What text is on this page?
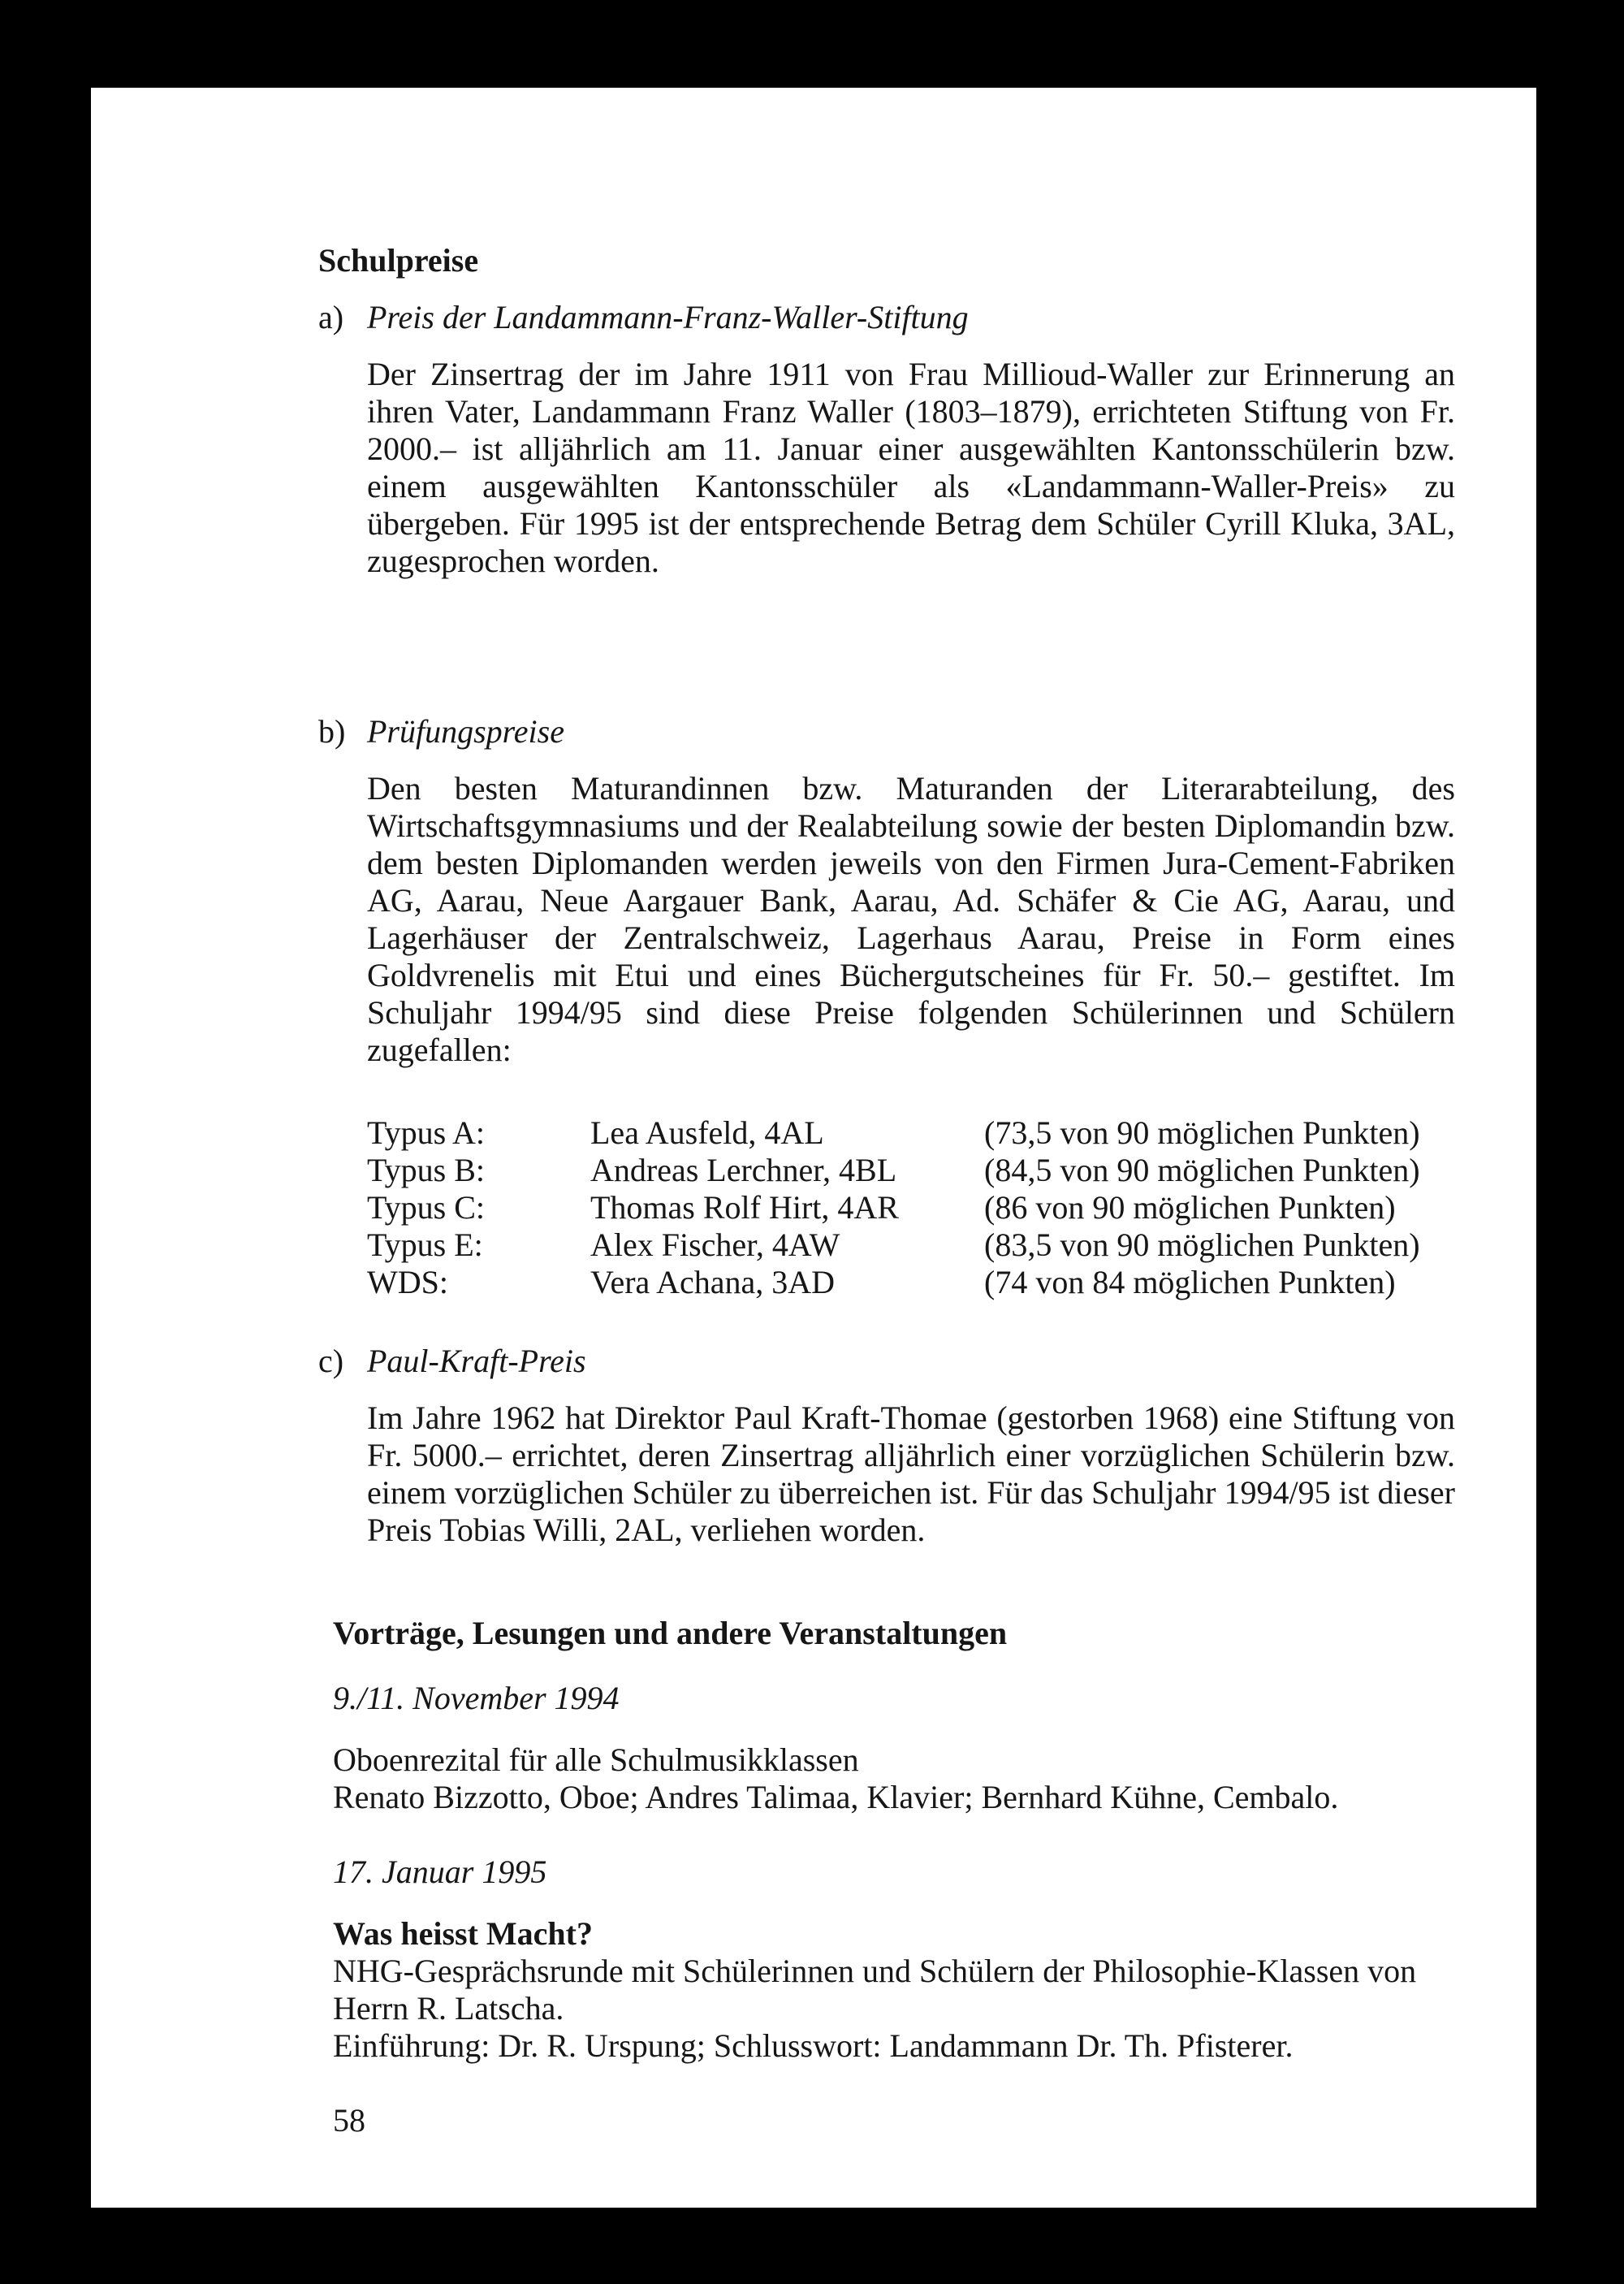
Schulpreise
a) Preis der Landammann-Franz-Waller-Stiftung
Der Zinsertrag der im Jahre 1911 von Frau Millioud-Waller zur Erinnerung an ihren Vater, Landammann Franz Waller (1803–1879), errichteten Stiftung von Fr. 2000.– ist alljährlich am 11. Januar einer ausgewählten Kantonsschülerin bzw. einem ausgewählten Kantonsschüler als «Landammann-Waller-Preis» zu übergeben. Für 1995 ist der entsprechende Betrag dem Schüler Cyrill Kluka, 3AL, zugesprochen worden.
b) Prüfungspreise
Den besten Maturandinnen bzw. Maturanden der Literarabteilung, des Wirtschaftsgymnasiums und der Realabteilung sowie der besten Diplomandin bzw. dem besten Diplomanden werden jeweils von den Firmen Jura-Cement-Fabriken AG, Aarau, Neue Aargauer Bank, Aarau, Ad. Schäfer & Cie AG, Aarau, und Lagerhäuser der Zentralschweiz, Lagerhaus Aarau, Preise in Form eines Goldvrenelis mit Etui und eines Büchergutscheines für Fr. 50.– gestiftet. Im Schuljahr 1994/95 sind diese Preise folgenden Schülerinnen und Schülern zugefallen:
Typus A:	Lea Ausfeld, 4AL	(73,5 von 90 möglichen Punkten)
Typus B:	Andreas Lerchner, 4BL	(84,5 von 90 möglichen Punkten)
Typus C:	Thomas Rolf Hirt, 4AR	(86 von 90 möglichen Punkten)
Typus E:	Alex Fischer, 4AW	(83,5 von 90 möglichen Punkten)
WDS:	Vera Achana, 3AD	(74 von 84 möglichen Punkten)
c) Paul-Kraft-Preis
Im Jahre 1962 hat Direktor Paul Kraft-Thomae (gestorben 1968) eine Stiftung von Fr. 5000.– errichtet, deren Zinsertrag alljährlich einer vorzüglichen Schülerin bzw. einem vorzüglichen Schüler zu überreichen ist. Für das Schuljahr 1994/95 ist dieser Preis Tobias Willi, 2AL, verliehen worden.
Vorträge, Lesungen und andere Veranstaltungen
9./11. November 1994
Oboenrezital für alle Schulmusikklassen
Renato Bizzotto, Oboe; Andres Talimaa, Klavier; Bernhard Kühne, Cembalo.
17. Januar 1995
Was heisst Macht?
NHG-Gesprächsrunde mit Schülerinnen und Schülern der Philosophie-Klassen von Herrn R. Latscha.
Einführung: Dr. R. Urspung; Schlusswort: Landammann Dr. Th. Pfisterer.
58
